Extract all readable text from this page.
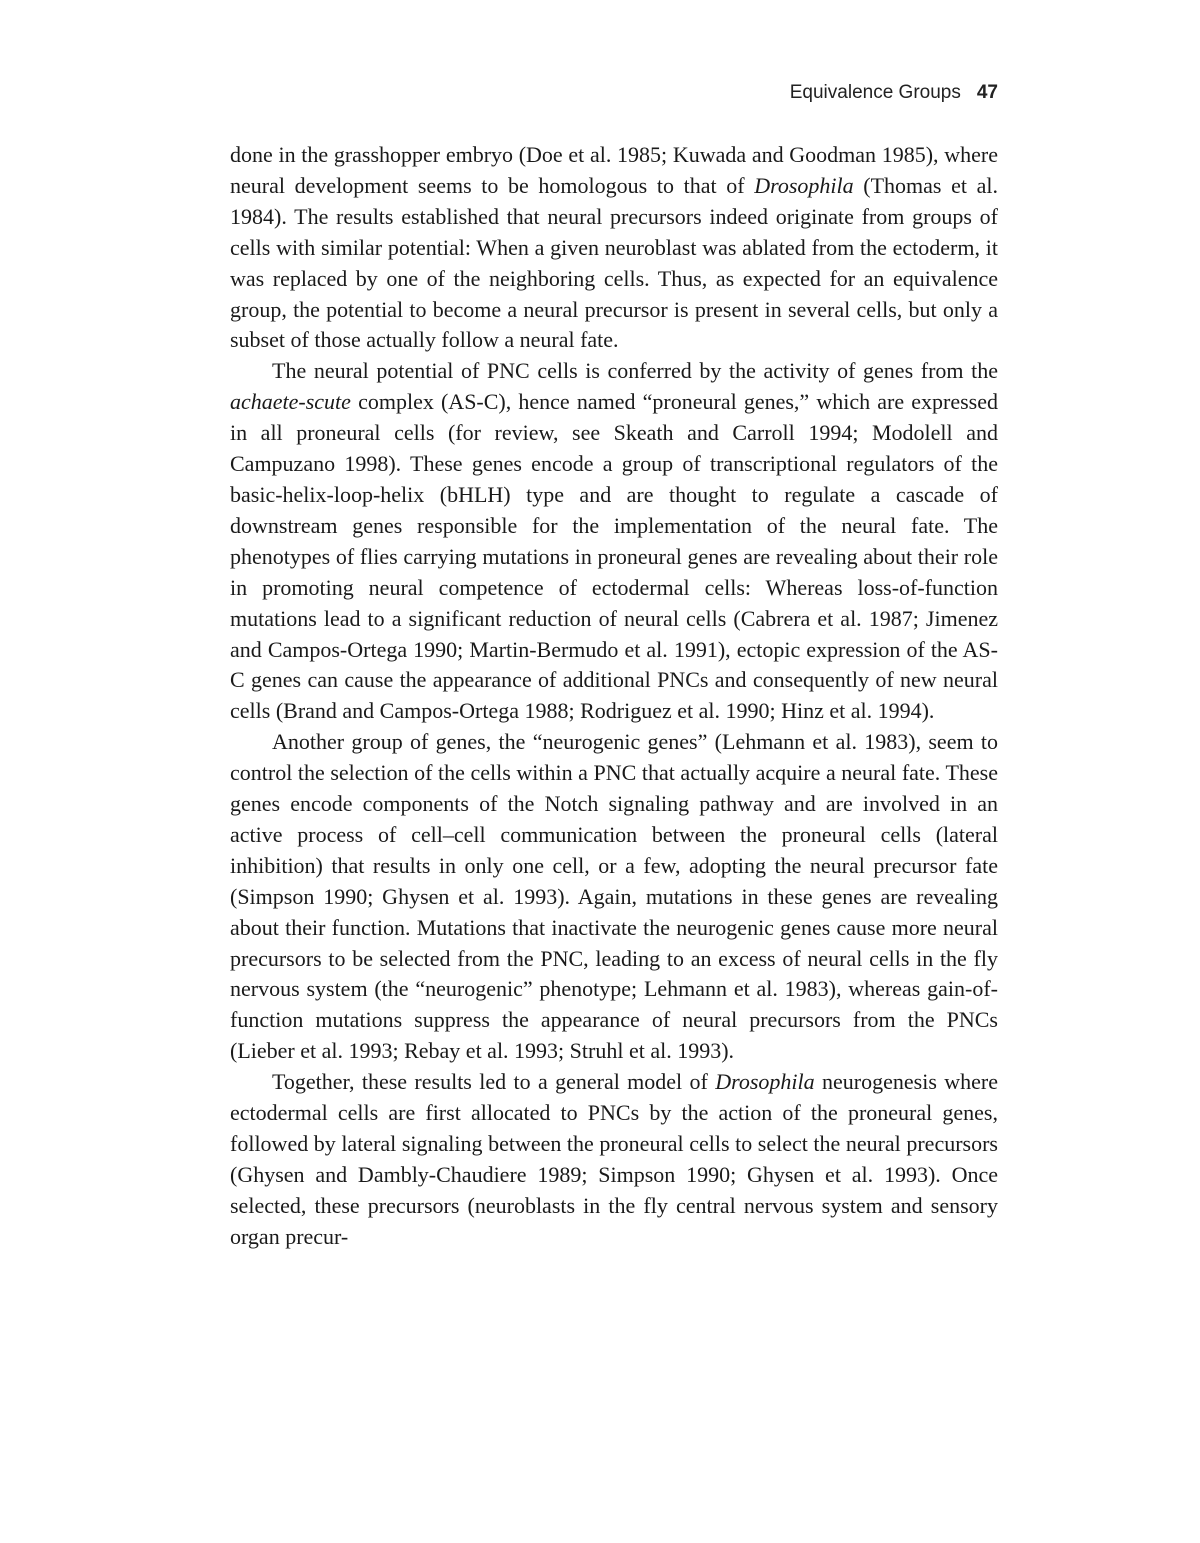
Equivalence Groups 47

done in the grasshopper embryo (Doe et al. 1985; Kuwada and Goodman 1985), where neural development seems to be homologous to that of Drosophila (Thomas et al. 1984). The results established that neural precursors indeed originate from groups of cells with similar potential: When a given neuroblast was ablated from the ectoderm, it was replaced by one of the neighboring cells. Thus, as expected for an equivalence group, the potential to become a neural precursor is present in several cells, but only a subset of those actually follow a neural fate.

The neural potential of PNC cells is conferred by the activity of genes from the achaete-scute complex (AS-C), hence named “proneural genes,” which are expressed in all proneural cells (for review, see Skeath and Carroll 1994; Modolell and Campuzano 1998). These genes encode a group of transcriptional regulators of the basic-helix-loop-helix (bHLH) type and are thought to regulate a cascade of downstream genes responsible for the implementation of the neural fate. The phenotypes of flies carrying mutations in proneural genes are revealing about their role in promoting neural competence of ectodermal cells: Whereas loss-of-function mutations lead to a significant reduction of neural cells (Cabrera et al. 1987; Jimenez and Campos-Ortega 1990; Martin-Bermudo et al. 1991), ectopic expression of the AS-C genes can cause the appearance of additional PNCs and consequently of new neural cells (Brand and Campos-Ortega 1988; Rodriguez et al. 1990; Hinz et al. 1994).

Another group of genes, the “neurogenic genes” (Lehmann et al. 1983), seem to control the selection of the cells within a PNC that actually acquire a neural fate. These genes encode components of the Notch signaling pathway and are involved in an active process of cell–cell communication between the proneural cells (lateral inhibition) that results in only one cell, or a few, adopting the neural precursor fate (Simpson 1990; Ghysen et al. 1993). Again, mutations in these genes are revealing about their function. Mutations that inactivate the neurogenic genes cause more neural precursors to be selected from the PNC, leading to an excess of neural cells in the fly nervous system (the “neurogenic” phenotype; Lehmann et al. 1983), whereas gain-of-function mutations suppress the appearance of neural precursors from the PNCs (Lieber et al. 1993; Rebay et al. 1993; Struhl et al. 1993).

Together, these results led to a general model of Drosophila neurogenesis where ectodermal cells are first allocated to PNCs by the action of the proneural genes, followed by lateral signaling between the proneural cells to select the neural precursors (Ghysen and Dambly-Chaudiere 1989; Simpson 1990; Ghysen et al. 1993). Once selected, these precursors (neuroblasts in the fly central nervous system and sensory organ precur-
